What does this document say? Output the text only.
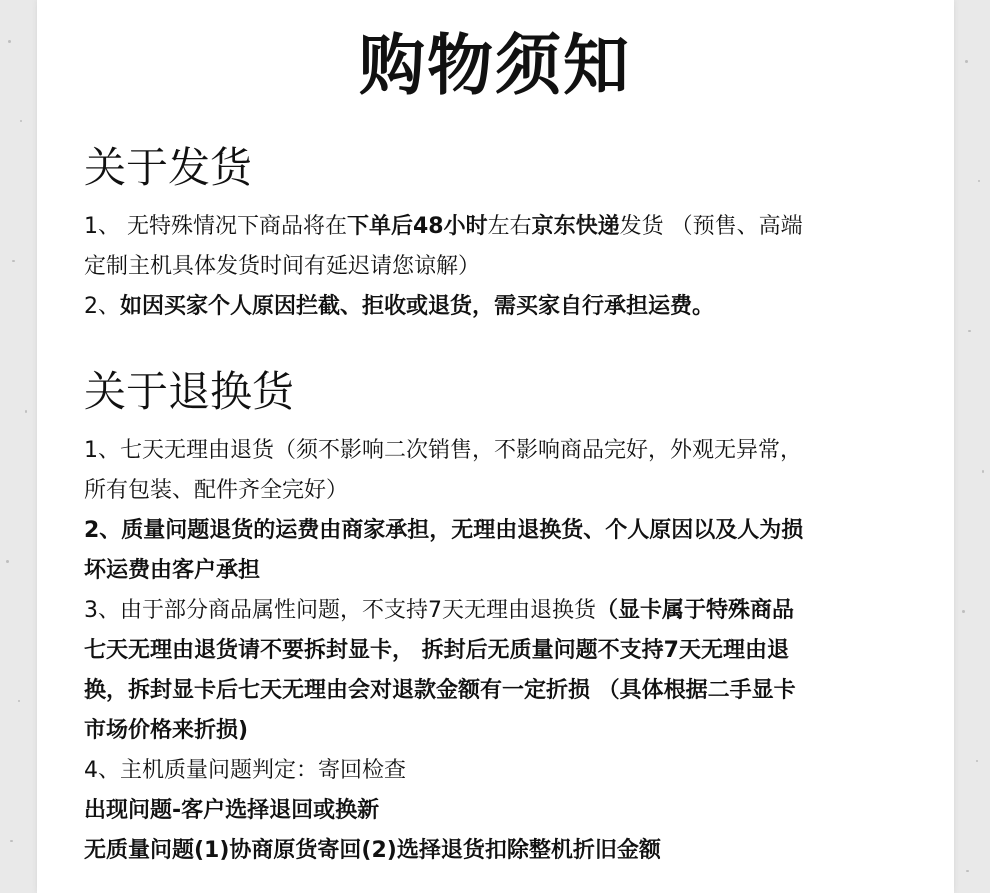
购物须知
关于发货
1、 无特殊情况下商品将在下单后48小时左右京东快递发货 （预售、高端
定制主机具体发货时间有延迟请您谅解）
2、如因买家个人原因拦截、拒收或退货，需买家自行承担运费。
关于退换货
1、七天无理由退货（须不影响二次销售，不影响商品完好，外观无异常，
所有包装、配件齐全完好）
2、质量问题退货的运费由商家承担，无理由退换货、个人原因以及人为损
坏运费由客户承担
3、由于部分商品属性问题，不支持7天无理由退换货（显卡属于特殊商品
七天无理由退货请不要拆封显卡， 拆封后无质量问题不支持7天无理由退
换，拆封显卡后七天无理由会对退款金额有一定折损 （具体根据二手显卡
市场价格来折损)
4、主机质量问题判定：寄回检查
出现问题-客户选择退回或换新
无质量问题(1)协商原货寄回(2)选择退货扣除整机折旧金额
